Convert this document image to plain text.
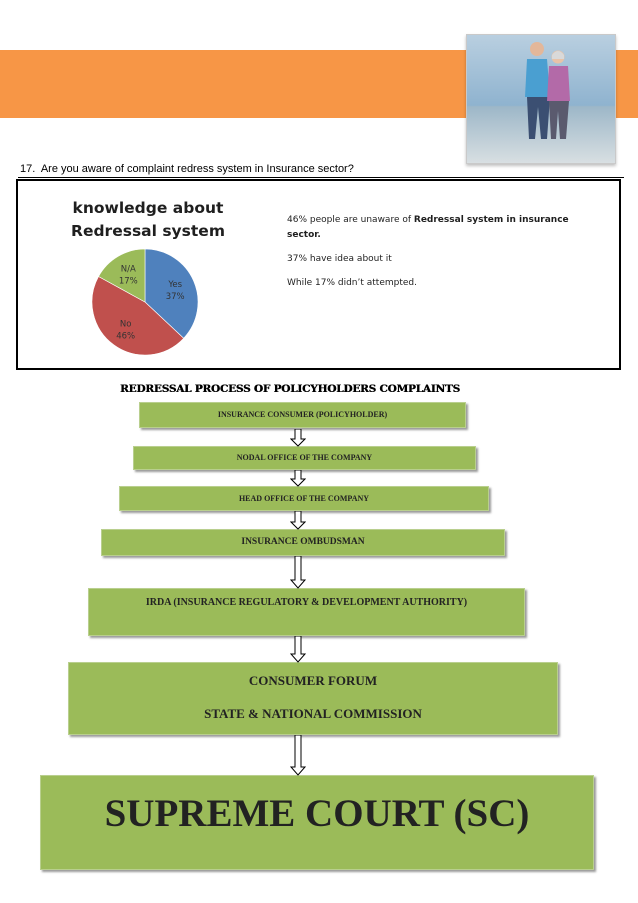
17. Are you aware of complaint redress system in Insurance sector?
knowledge about
Redressal system
Yes
37%
No
46%
N/A
17%

46% people are unaware of Redressal system in insurance sector.

37% have idea about it

While 17% didn’t attempted.

REDRESSAL PROCESS OF POLICYHOLDERS COMPLAINTS
INSURANCE CONSUMER (POLICYHOLDER)
NODAL OFFICE OF THE COMPANY
HEAD OFFICE OF THE COMPANY
INSURANCE OMBUDSMAN
IRDA (INSURANCE REGULATORY & DEVELOPMENT AUTHORITY)
CONSUMER FORUM
STATE & NATIONAL COMMISSION
SUPREME COURT (SC)
